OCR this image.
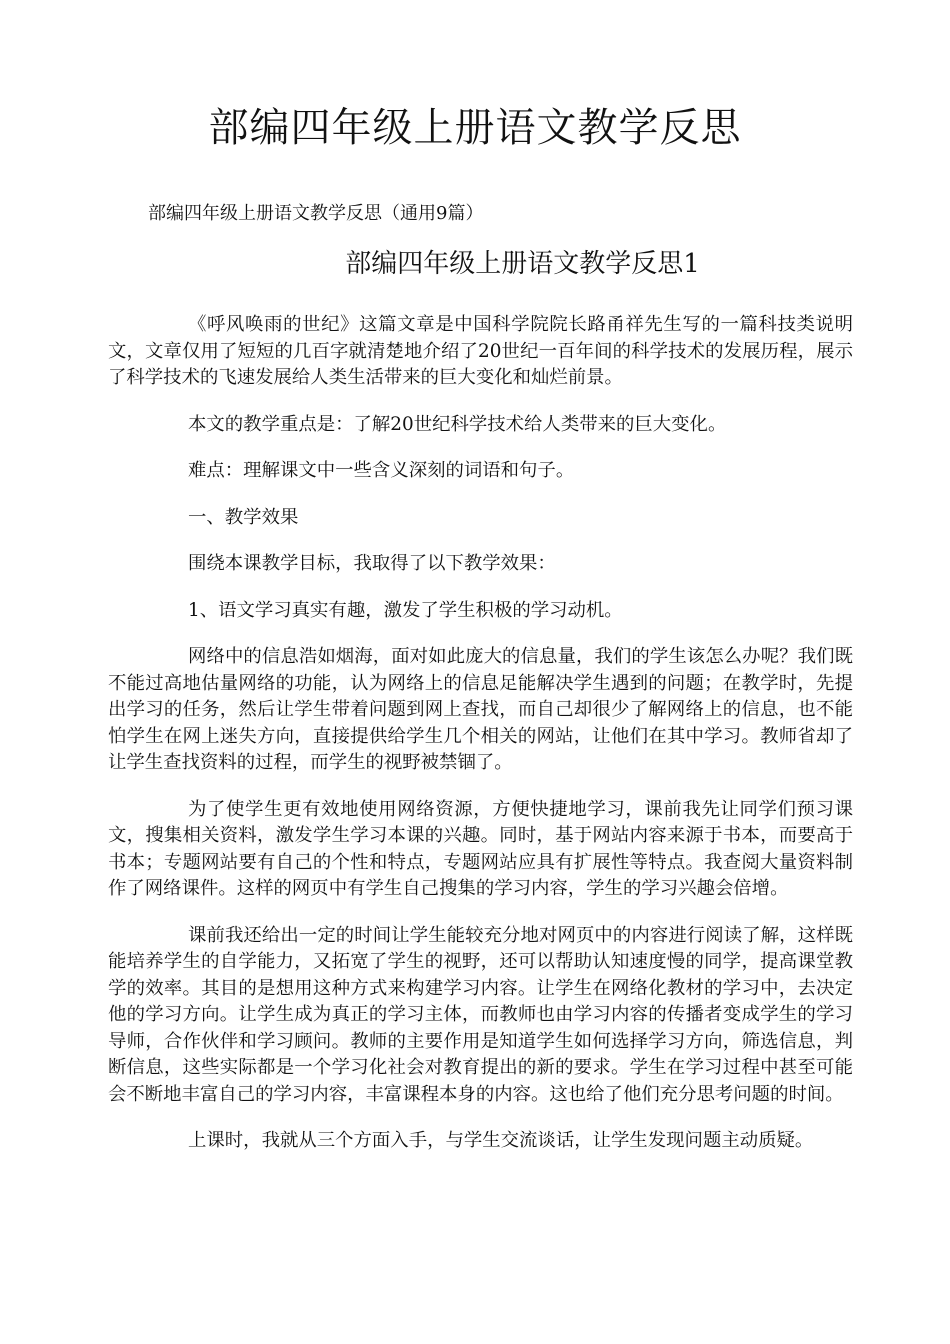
部编四年级上册语文教学反思

部编四年级上册语文教学反思（通用9篇）

部编四年级上册语文教学反思1

《呼风唤雨的世纪》这篇文章是中国科学院院长路甬祥先生写的一篇科技类说明文，文章仅用了短短的几百字就清楚地介绍了20世纪一百年间的科学技术的发展历程，展示了科学技术的飞速发展给人类生活带来的巨大变化和灿烂前景。

本文的教学重点是：了解20世纪科学技术给人类带来的巨大变化。

难点：理解课文中一些含义深刻的词语和句子。

一、教学效果

围绕本课教学目标，我取得了以下教学效果：

1、语文学习真实有趣，激发了学生积极的学习动机。

网络中的信息浩如烟海，面对如此庞大的信息量，我们的学生该怎么办呢？我们既不能过高地估量网络的功能，认为网络上的信息足能解决学生遇到的问题；在教学时，先提出学习的任务，然后让学生带着问题到网上查找，而自己却很少了解网络上的信息，也不能怕学生在网上迷失方向，直接提供给学生几个相关的网站，让他们在其中学习。教师省却了让学生查找资料的过程，而学生的视野被禁锢了。

为了使学生更有效地使用网络资源，方便快捷地学习，课前我先让同学们预习课文，搜集相关资料，激发学生学习本课的兴趣。同时，基于网站内容来源于书本，而要高于书本；专题网站要有自己的个性和特点，专题网站应具有扩展性等特点。我查阅大量资料制作了网络课件。这样的网页中有学生自己搜集的学习内容，学生的学习兴趣会倍增。

课前我还给出一定的时间让学生能较充分地对网页中的内容进行阅读了解，这样既能培养学生的自学能力，又拓宽了学生的视野，还可以帮助认知速度慢的同学，提高课堂教学的效率。其目的是想用这种方式来构建学习内容。让学生在网络化教材的学习中，去决定他的学习方向。让学生成为真正的学习主体，而教师也由学习内容的传播者变成学生的学习导师，合作伙伴和学习顾问。教师的主要作用是知道学生如何选择学习方向，筛选信息，判断信息，这些实际都是一个学习化社会对教育提出的新的要求。学生在学习过程中甚至可能会不断地丰富自己的学习内容，丰富课程本身的内容。这也给了他们充分思考问题的时间。

上课时，我就从三个方面入手，与学生交流谈话，让学生发现问题主动质疑。
